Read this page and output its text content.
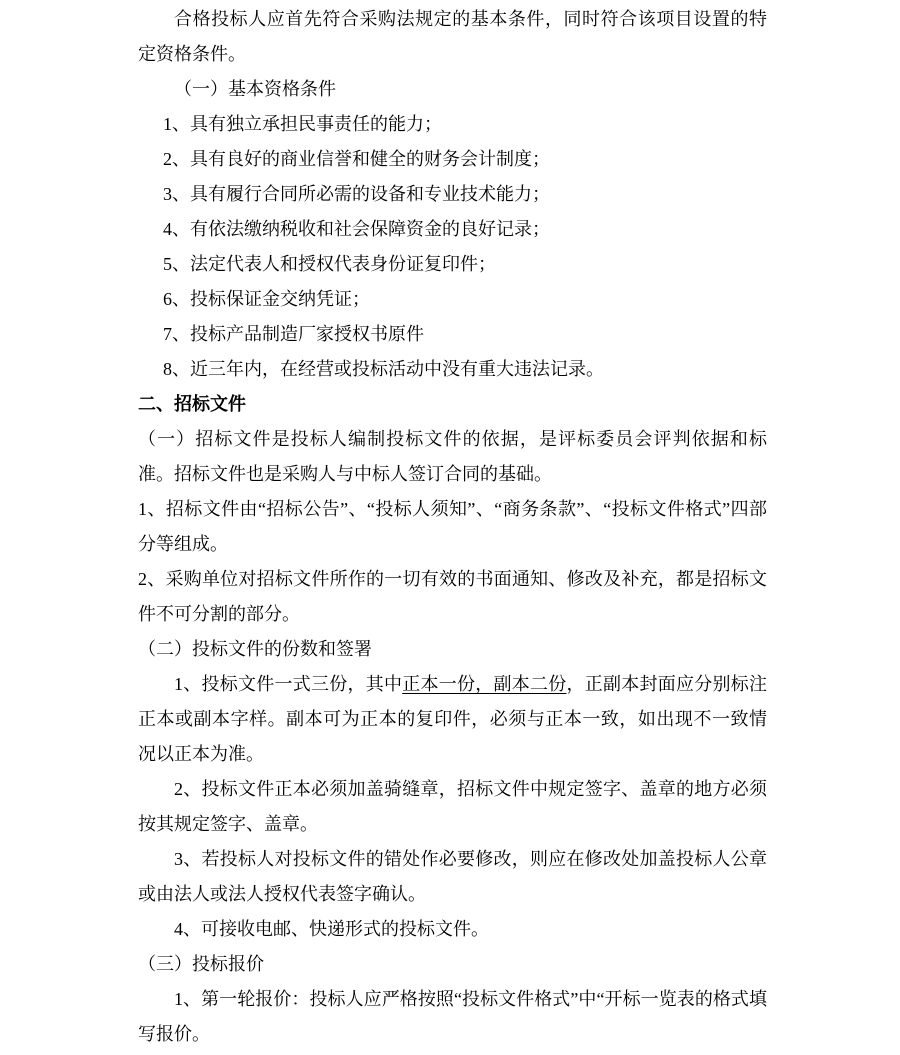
合格投标人应首先符合采购法规定的基本条件，同时符合该项目设置的特定资格条件。

（一）基本资格条件

1、具有独立承担民事责任的能力；

2、具有良好的商业信誉和健全的财务会计制度；

3、具有履行合同所必需的设备和专业技术能力；

4、有依法缴纳税收和社会保障资金的良好记录；

5、法定代表人和授权代表身份证复印件；

6、投标保证金交纳凭证；

7、投标产品制造厂家授权书原件

8、近三年内，在经营或投标活动中没有重大违法记录。

二、招标文件

（一）招标文件是投标人编制投标文件的依据，是评标委员会评判依据和标准。招标文件也是采购人与中标人签订合同的基础。

1、招标文件由“招标公告”、“投标人须知”、“商务条款”、“投标文件格式”四部分等组成。

2、采购单位对招标文件所作的一切有效的书面通知、修改及补充，都是招标文件不可分割的部分。

（二）投标文件的份数和签署

1、投标文件一式三份，其中正本一份，副本二份，正副本封面应分别标注正本或副本字样。副本可为正本的复印件，必须与正本一致，如出现不一致情况以正本为准。

2、投标文件正本必须加盖骑缝章，招标文件中规定签字、盖章的地方必须按其规定签字、盖章。

3、若投标人对投标文件的错处作必要修改，则应在修改处加盖投标人公章或由法人或法人授权代表签字确认。

4、可接收电邮、快递形式的投标文件。

（三）投标报价

1、第一轮报价：投标人应严格按照“投标文件格式”中“开标一览表的格式填写报价。
